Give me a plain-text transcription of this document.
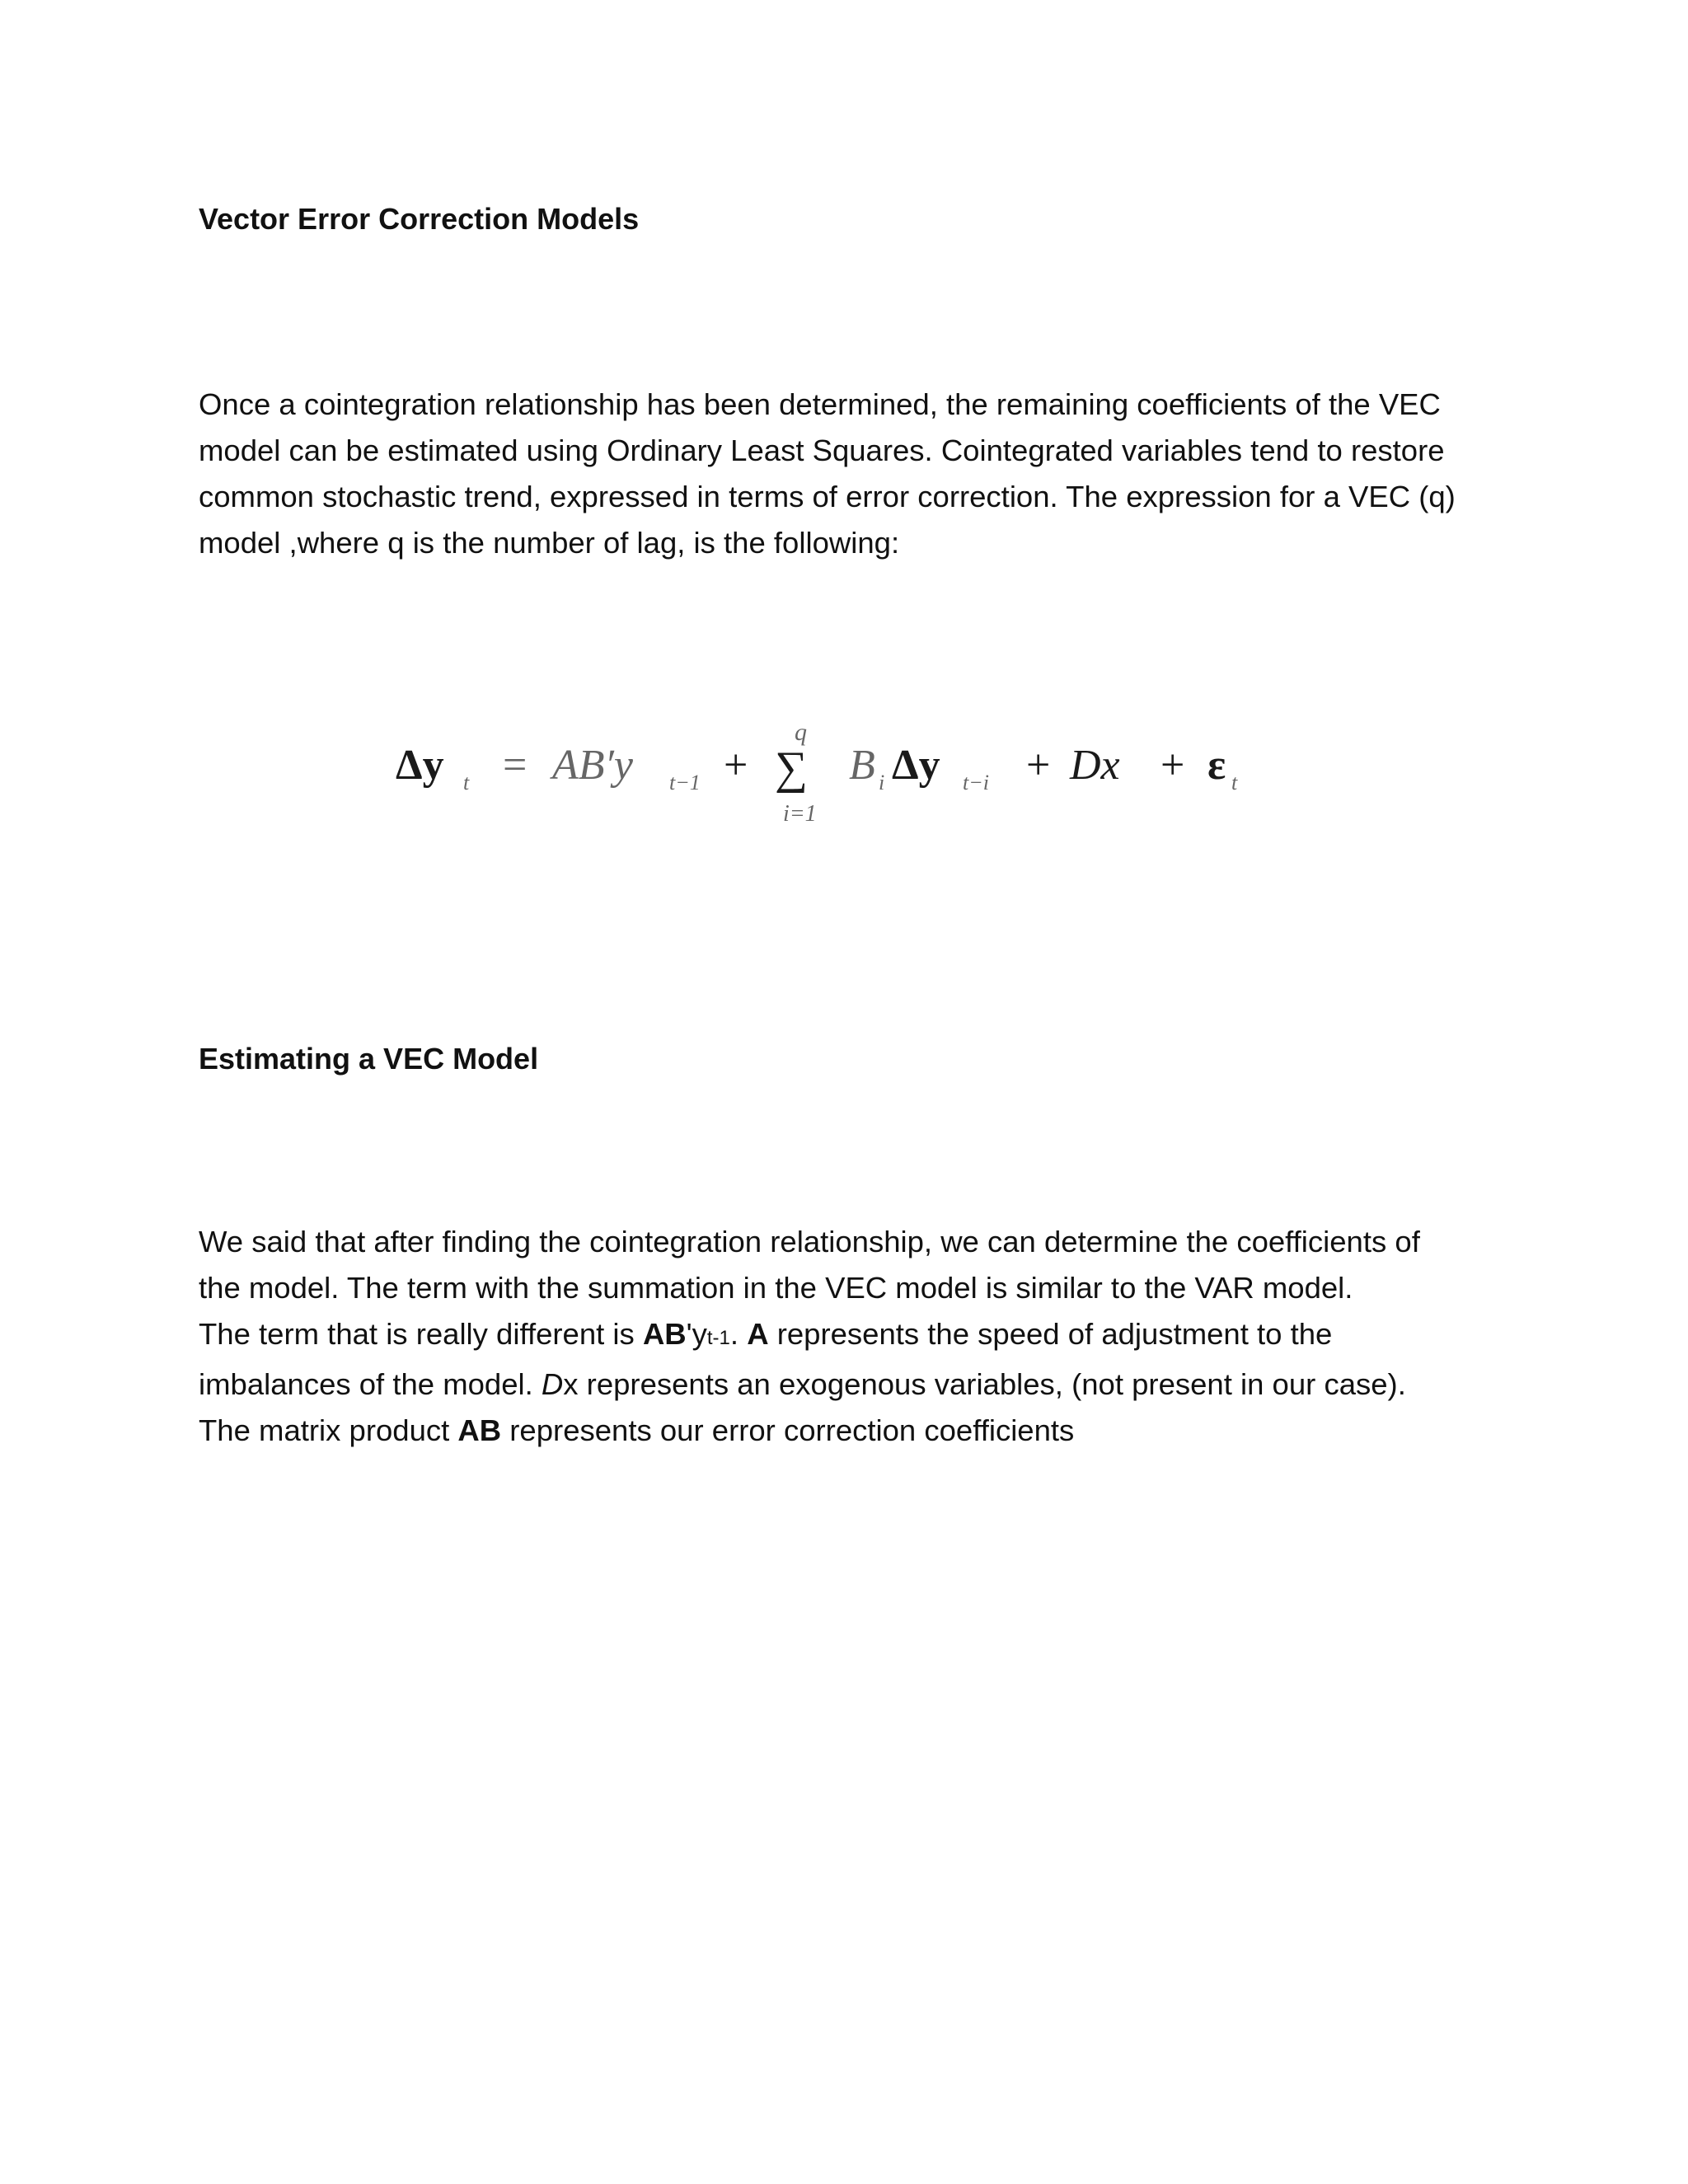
Vector Error Correction Models
Once a cointegration relationship has been determined, the remaining coefficients of the VEC
model can be estimated using Ordinary Least Squares. Cointegrated variables tend to restore
common stochastic trend, expressed in terms of error correction. The expression for a VEC (q)
model ,where q is the number of lag, is the following:
Δy t = AB′y t−1 +
q
∑
i=1
B i Δy t−i + Dx + ε t
Estimating a VEC Model
We said that after finding the cointegration relationship, we can determine the coefficients of
the model. The term with the summation in the VEC model is similar to the VAR model.
The term that is really different is AB'yt-1. A represents the speed of adjustment to the
imbalances of the model. Dx represents an exogenous variables, (not present in our case).
The matrix product AB represents our error correction coefficients
